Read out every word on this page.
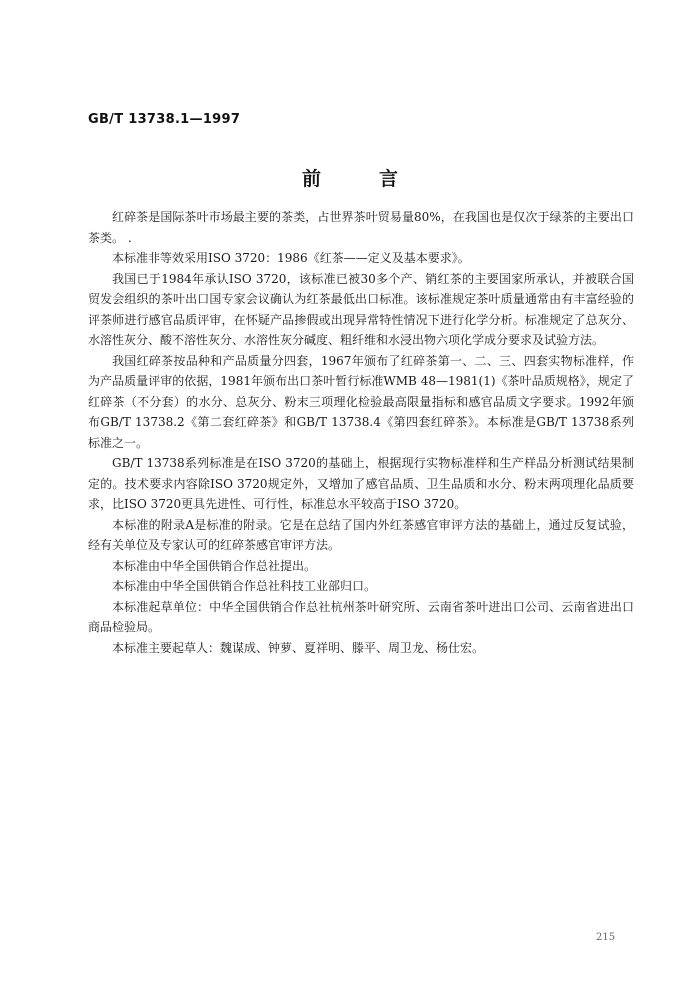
GB/T 13738.1—1997
前言

红碎茶是国际茶叶市场最主要的茶类，占世界茶叶贸易量80%，在我国也是仅次于绿茶的主要出口茶类。 .

本标准非等效采用ISO 3720：1986《红茶——定义及基本要求》。

我国已于1984年承认ISO 3720，该标准已被30多个产、销红茶的主要国家所承认，并被联合国贸发会组织的茶叶出口国专家会议确认为红茶最低出口标准。该标准规定茶叶质量通常由有丰富经验的评茶师进行感官品质评审，在怀疑产品掺假或出现异常特性情况下进行化学分析。标准规定了总灰分、水溶性灰分、酸不溶性灰分、水溶性灰分碱度、粗纤维和水浸出物六项化学成分要求及试验方法。

我国红碎茶按品种和产品质量分四套，1967年颁布了红碎茶第一、二、三、四套实物标准样，作为产品质量评审的依据，1981年颁布出口茶叶暂行标准WMB 48—1981(1)《茶叶品质规格》，规定了红碎茶（不分套）的水分、总灰分、粉末三项理化检验最高限量指标和感官品质文字要求。1992年颁布GB/T 13738.2《第二套红碎茶》和GB/T 13738.4《第四套红碎茶》。本标准是GB/T 13738系列标准之一。

GB/T 13738系列标准是在ISO 3720的基础上，根据现行实物标准样和生产样品分析测试结果制定的。技术要求内容除ISO 3720规定外，又增加了感官品质、卫生品质和水分、粉末两项理化品质要求，比ISO 3720更具先进性、可行性，标准总水平较高于ISO 3720。

本标准的附录A是标准的附录。它是在总结了国内外红茶感官审评方法的基础上，通过反复试验，经有关单位及专家认可的红碎茶感官审评方法。

本标准由中华全国供销合作总社提出。

本标准由中华全国供销合作总社科技工业部归口。

本标准起草单位：中华全国供销合作总社杭州茶叶研究所、云南省茶叶进出口公司、云南省进出口商品检验局。

本标准主要起草人：魏谋成、钟萝、夏祥明、滕平、周卫龙、杨仕宏。

215
